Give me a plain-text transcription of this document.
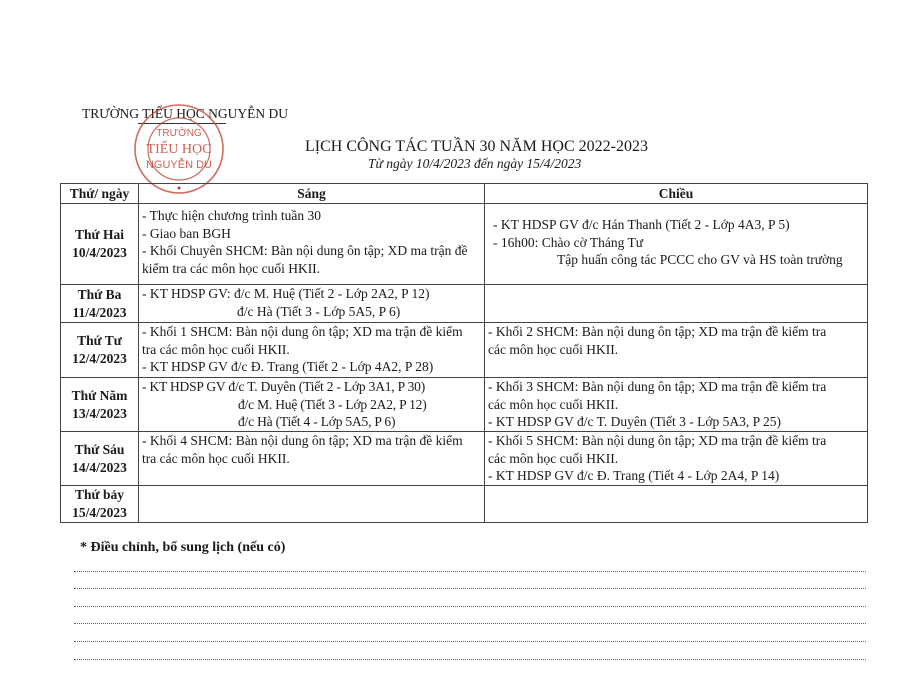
TRƯỜNG TIỂU HỌC NGUYỄN DU
TRƯỜNG
TIỂU HỌC
NGUYỄN DU
LỊCH CÔNG TÁC TUẦN 30 NĂM HỌC 2022-2023
Từ ngày 10/4/2023 đến ngày 15/4/2023
Thứ/ ngày	Sáng	Chiều

Thứ Hai
10/4/2023	- Thực hiện chương trình tuần 30
- Giao ban BGH
- Khối Chuyên SHCM: Bàn nội dung ôn tập; XD ma trận đề
kiểm tra các môn học cuối HKII.	- KT HDSP GV đ/c Hán Thanh (Tiết 2 - Lớp 4A3, P 5)
- 16h00: Chào cờ Tháng Tư
Tập huấn công tác PCCC cho GV và HS toàn trường

Thứ Ba
11/4/2023	- KT HDSP GV: đ/c M. Huệ (Tiết 2 - Lớp 2A2, P 12)
đ/c Hà (Tiết 3 - Lớp 5A5, P 6)	

Thứ Tư
12/4/2023	- Khối 1 SHCM: Bàn nội dung ôn tập; XD ma trận đề kiểm
tra các môn học cuối HKII.
- KT HDSP GV đ/c Đ. Trang (Tiết 2 - Lớp 4A2, P 28)	- Khối 2 SHCM: Bàn nội dung ôn tập; XD ma trận đề kiểm tra
các môn học cuối HKII.

Thứ Năm
13/4/2023	- KT HDSP GV đ/c T. Duyên (Tiết 2 - Lớp 3A1, P 30)
đ/c M. Huệ (Tiết 3 - Lớp 2A2, P 12)
đ/c Hà (Tiết 4 - Lớp 5A5, P 6)	- Khối 3 SHCM: Bàn nội dung ôn tập; XD ma trận đề kiểm tra
các môn học cuối HKII.
- KT HDSP GV đ/c T. Duyên (Tiết 3 - Lớp 5A3, P 25)

Thứ Sáu
14/4/2023	- Khối 4 SHCM: Bàn nội dung ôn tập; XD ma trận đề kiểm
tra các môn học cuối HKII.	- Khối 5 SHCM: Bàn nội dung ôn tập; XD ma trận đề kiểm tra
các môn học cuối HKII.
- KT HDSP GV đ/c Đ. Trang (Tiết 4 - Lớp 2A4, P 14)

Thứ bảy
15/4/2023		

* Điều chỉnh, bổ sung lịch (nếu có)
